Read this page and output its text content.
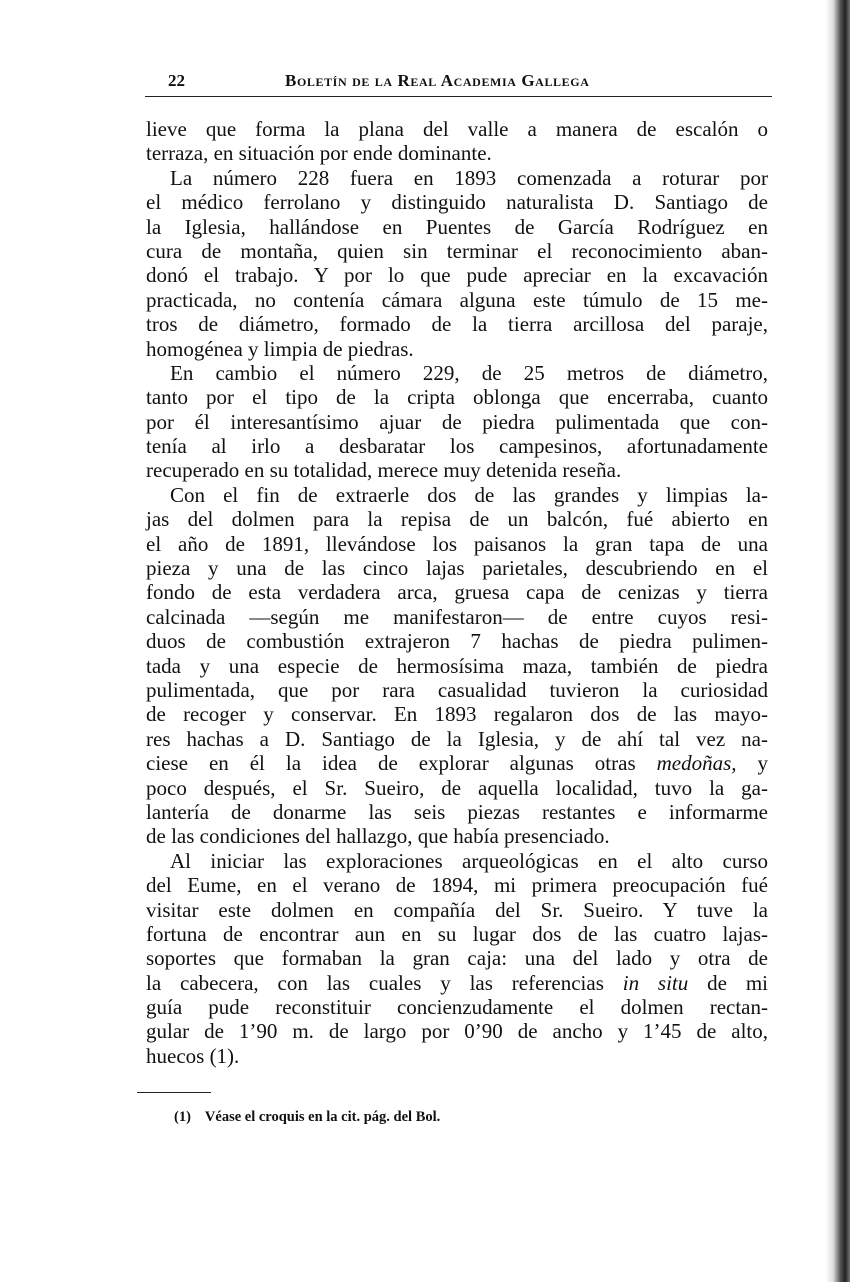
22	Boletín de la Real Academia Gallega
lieve que forma la plana del valle a manera de escalón o
terraza, en situación por ende dominante.
La número 228 fuera en 1893 comenzada a roturar por
el médico ferrolano y distinguido naturalista D. Santiago de
la Iglesia, hallándose en Puentes de García Rodríguez en
cura de montaña, quien sin terminar el reconocimiento aban-
donó el trabajo. Y por lo que pude apreciar en la excavación
practicada, no contenía cámara alguna este túmulo de 15 me-
tros de diámetro, formado de la tierra arcillosa del paraje,
homogénea y limpia de piedras.
En cambio el número 229, de 25 metros de diámetro,
tanto por el tipo de la cripta oblonga que encerraba, cuanto
por él interesantísimo ajuar de piedra pulimentada que con-
tenía al irlo a desbaratar los campesinos, afortunadamente
recuperado en su totalidad, merece muy detenida reseña.
Con el fin de extraerle dos de las grandes y limpias la-
jas del dolmen para la repisa de un balcón, fué abierto en
el año de 1891, llevándose los paisanos la gran tapa de una
pieza y una de las cinco lajas parietales, descubriendo en el
fondo de esta verdadera arca, gruesa capa de cenizas y tierra
calcinada —según me manifestaron— de entre cuyos resi-
duos de combustión extrajeron 7 hachas de piedra pulimen-
tada y una especie de hermosísima maza, también de piedra
pulimentada, que por rara casualidad tuvieron la curiosidad
de recoger y conservar. En 1893 regalaron dos de las mayo-
res hachas a D. Santiago de la Iglesia, y de ahí tal vez na-
ciese en él la idea de explorar algunas otras medoñas, y
poco después, el Sr. Sueiro, de aquella localidad, tuvo la ga-
lantería de donarme las seis piezas restantes e informarme
de las condiciones del hallazgo, que había presenciado.
Al iniciar las exploraciones arqueológicas en el alto curso
del Eume, en el verano de 1894, mi primera preocupación fué
visitar este dolmen en compañía del Sr. Sueiro. Y tuve la
fortuna de encontrar aun en su lugar dos de las cuatro lajas-
soportes que formaban la gran caja: una del lado y otra de
la cabecera, con las cuales y las referencias in situ de mi
guía pude reconstituir concienzudamente el dolmen rectan-
gular de 1’90 m. de largo por 0’90 de ancho y 1’45 de alto,
huecos (1).
(1) Véase el croquis en la cit. pág. del Bol.
